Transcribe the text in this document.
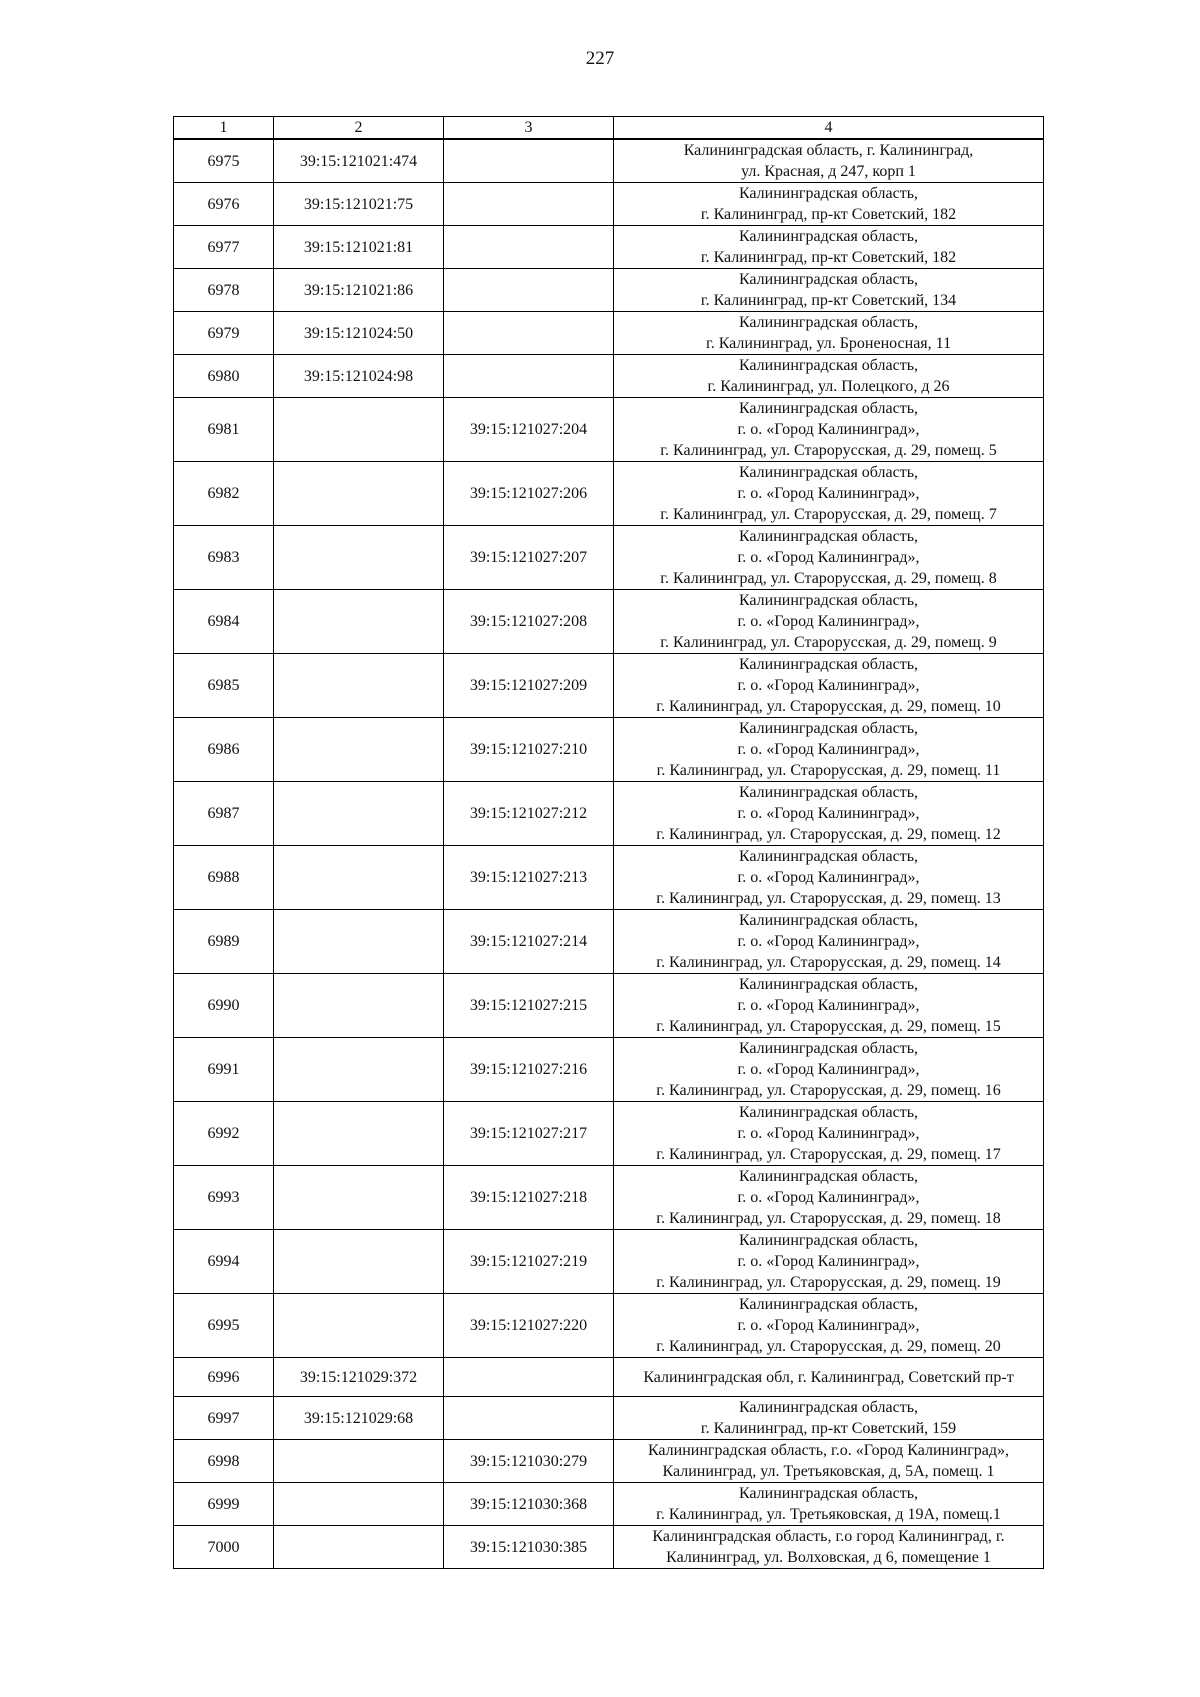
227
1	2	3	4
6975	39:15:121021:474		Калининградская область, г. Калининград,
ул. Красная, д 247, корп 1
6976	39:15:121021:75		Калининградская область,
г. Калининград, пр-кт Советский, 182
6977	39:15:121021:81		Калининградская область,
г. Калининград, пр-кт Советский, 182
6978	39:15:121021:86		Калининградская область,
г. Калининград, пр-кт Советский, 134
6979	39:15:121024:50		Калининградская область,
г. Калининград, ул. Броненосная, 11
6980	39:15:121024:98		Калининградская область,
г. Калининград, ул. Полецкого, д 26
6981		39:15:121027:204	Калининградская область,
г. о. «Город Калининград»,
г. Калининград, ул. Старорусская, д. 29, помещ. 5
6982		39:15:121027:206	Калининградская область,
г. о. «Город Калининград»,
г. Калининград, ул. Старорусская, д. 29, помещ. 7
6983		39:15:121027:207	Калининградская область,
г. о. «Город Калининград»,
г. Калининград, ул. Старорусская, д. 29, помещ. 8
6984		39:15:121027:208	Калининградская область,
г. о. «Город Калининград»,
г. Калининград, ул. Старорусская, д. 29, помещ. 9
6985		39:15:121027:209	Калининградская область,
г. о. «Город Калининград»,
г. Калининград, ул. Старорусская, д. 29, помещ. 10
6986		39:15:121027:210	Калининградская область,
г. о. «Город Калининград»,
г. Калининград, ул. Старорусская, д. 29, помещ. 11
6987		39:15:121027:212	Калининградская область,
г. о. «Город Калининград»,
г. Калининград, ул. Старорусская, д. 29, помещ. 12
6988		39:15:121027:213	Калининградская область,
г. о. «Город Калининград»,
г. Калининград, ул. Старорусская, д. 29, помещ. 13
6989		39:15:121027:214	Калининградская область,
г. о. «Город Калининград»,
г. Калининград, ул. Старорусская, д. 29, помещ. 14
6990		39:15:121027:215	Калининградская область,
г. о. «Город Калининград»,
г. Калининград, ул. Старорусская, д. 29, помещ. 15
6991		39:15:121027:216	Калининградская область,
г. о. «Город Калининград»,
г. Калининград, ул. Старорусская, д. 29, помещ. 16
6992		39:15:121027:217	Калининградская область,
г. о. «Город Калининград»,
г. Калининград, ул. Старорусская, д. 29, помещ. 17
6993		39:15:121027:218	Калининградская область,
г. о. «Город Калининград»,
г. Калининград, ул. Старорусская, д. 29, помещ. 18
6994		39:15:121027:219	Калининградская область,
г. о. «Город Калининград»,
г. Калининград, ул. Старорусская, д. 29, помещ. 19
6995		39:15:121027:220	Калининградская область,
г. о. «Город Калининград»,
г. Калининград, ул. Старорусская, д. 29, помещ. 20
6996	39:15:121029:372		Калининградская обл, г. Калининград, Советский пр-т
6997	39:15:121029:68		Калининградская область,
г. Калининград, пр-кт Советский, 159
6998		39:15:121030:279	Калининградская область, г.о. «Город Калининград»,
Калининград, ул. Третьяковская, д, 5А, помещ. 1
6999		39:15:121030:368	Калининградская область,
г. Калининград, ул. Третьяковская, д 19А, помещ.1
7000		39:15:121030:385	Калининградская область, г.о город Калининград, г.
Калининград, ул. Волховская, д 6, помещение 1
